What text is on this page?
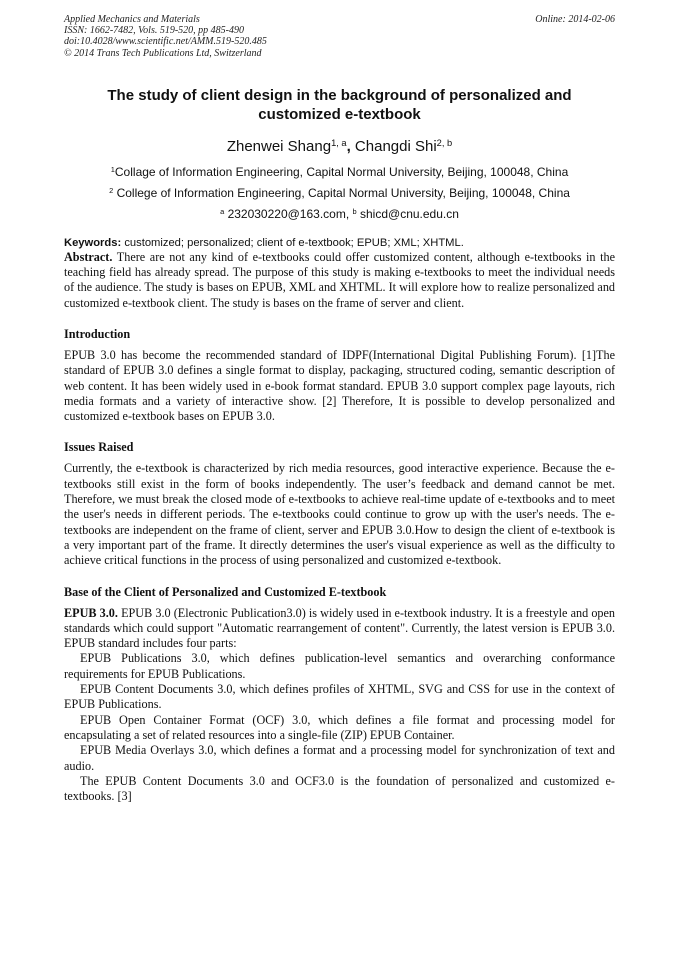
Applied Mechanics and Materials
ISSN: 1662-7482, Vols. 519-520, pp 485-490
doi:10.4028/www.scientific.net/AMM.519-520.485
© 2014 Trans Tech Publications Ltd, Switzerland
Online: 2014-02-06
The study of client design in the background of personalized and customized e-textbook
Zhenwei Shang$^{1, a}$, Changdi Shi$^{2, b}$
$^1$Collage of Information Engineering, Capital Normal University, Beijing, 100048, China
$^2$ College of Information Engineering, Capital Normal University, Beijing, 100048, China
$^a$ 232030220@163.com, $^b$ shicd@cnu.edu.cn
Keywords: customized; personalized; client of e-textbook; EPUB; XML; XHTML.

Abstract. There are not any kind of e-textbooks could offer customized content, although e-textbooks in the teaching field has already spread. The purpose of this study is making e-textbooks to meet the individual needs of the audience. The study is bases on EPUB, XML and XHTML. It will explore how to realize personalized and customized e-textbook client. The study is bases on the frame of server and client.

Introduction

EPUB 3.0 has become the recommended standard of IDPF(International Digital Publishing Forum). [1]The standard of EPUB 3.0 defines a single format to display, packaging, structured coding, semantic description of web content. It has been widely used in e-book format standard. EPUB 3.0 support complex page layouts, rich media formats and a variety of interactive show. [2] Therefore, It is possible to develop personalized and customized e-textbook bases on EPUB 3.0.

Issues Raised

Currently, the e-textbook is characterized by rich media resources, good interactive experience. Because the e-textbooks still exist in the form of books independently. The user’s feedback and demand cannot be met. Therefore, we must break the closed mode of e-textbooks to achieve real-time update of e-textbooks and to meet the user's needs in different periods. The e-textbooks could continue to grow up with the user's needs. The e-textbooks are independent on the frame of client, server and EPUB 3.0.How to design the client of e-textbook is a very important part of the frame. It directly determines the user's visual experience as well as the difficulty to achieve critical functions in the process of using personalized and customized e-textbook.

Base of the Client of Personalized and Customized E-textbook

EPUB 3.0. EPUB 3.0 (Electronic Publication3.0) is widely used in e-textbook industry. It is a freestyle and open standards which could support "Automatic rearrangement of content". Currently, the latest version is EPUB 3.0. EPUB standard includes four parts:

EPUB Publications 3.0, which defines publication-level semantics and overarching conformance requirements for EPUB Publications.

EPUB Content Documents 3.0, which defines profiles of XHTML, SVG and CSS for use in the context of EPUB Publications.

EPUB Open Container Format (OCF) 3.0, which defines a file format and processing model for encapsulating a set of related resources into a single-file (ZIP) EPUB Container.

EPUB Media Overlays 3.0, which defines a format and a processing model for synchronization of text and audio.

The EPUB Content Documents 3.0 and OCF3.0 is the foundation of personalized and customized e-textbooks. [3]
